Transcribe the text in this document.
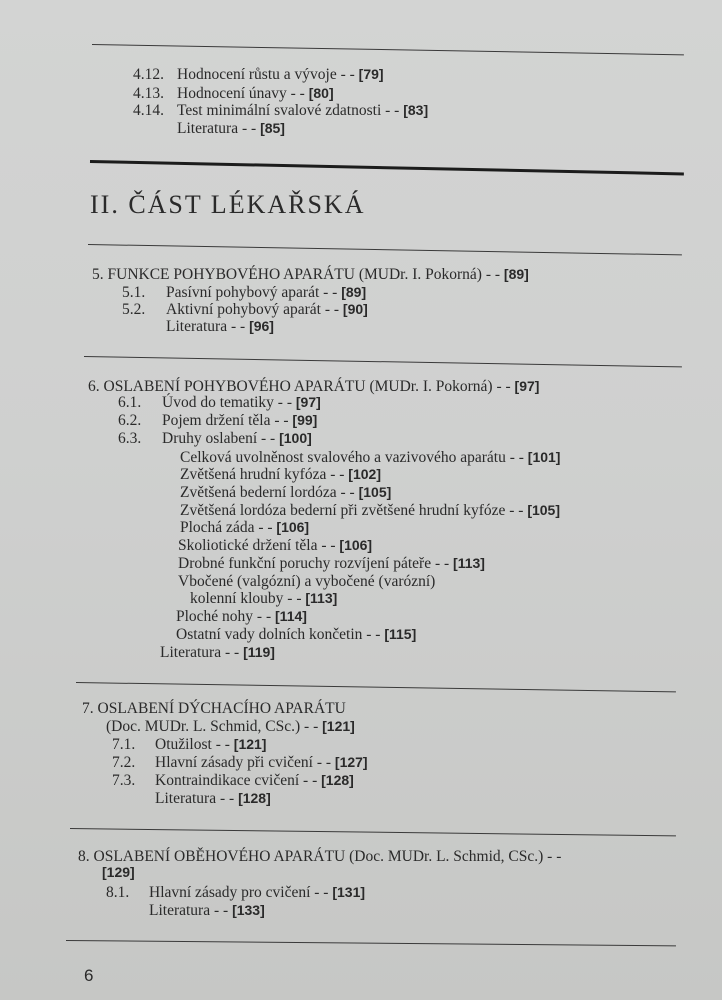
4.12. Hodnocení růstu a vývoje - - [79]
4.13. Hodnocení únavy - - [80]
4.14. Test minimální svalové zdatnosti - - [83]
Literatura - - [85]
II. ČÁST LÉKAŘSKÁ
5. FUNKCE POHYBOVÉHO APARÁTU (MUDr. I. Pokorná) - - [89]
5.1. Pasívní pohybový aparát - - [89]
5.2. Aktivní pohybový aparát - - [90]
Literatura - - [96]
6. OSLABENÍ POHYBOVÉHO APARÁTU (MUDr. I. Pokorná) - - [97]
6.1. Úvod do tematiky - - [97]
6.2. Pojem držení těla - - [99]
6.3. Druhy oslabení - - [100]
Celková uvolněnost svalového a vazivového aparátu - - [101]
Zvětšená hrudní kyfóza - - [102]
Zvětšená bederní lordóza - - [105]
Zvětšená lordóza bederní při zvětšené hrudní kyfóze - - [105]
Plochá záda - - [106]
Skoliotické držení těla - - [106]
Drobné funkční poruchy rozvíjení páteře - - [113]
Vbočené (valgózní) a vybočené (varózní)
kolenní klouby - - [113]
Ploché nohy - - [114]
Ostatní vady dolních končetin - - [115]
Literatura - - [119]
7. OSLABENÍ DÝCHACÍHO APARÁTU
(Doc. MUDr. L. Schmid, CSc.) - - [121]
7.1. Otužilost - - [121]
7.2. Hlavní zásady při cvičení - - [127]
7.3. Kontraindikace cvičení - - [128]
Literatura - - [128]
8. OSLABENÍ OBĚHOVÉHO APARÁTU (Doc. MUDr. L. Schmid, CSc.) - -
[129]
8.1. Hlavní zásady pro cvičení - - [131]
Literatura - - [133]
6
